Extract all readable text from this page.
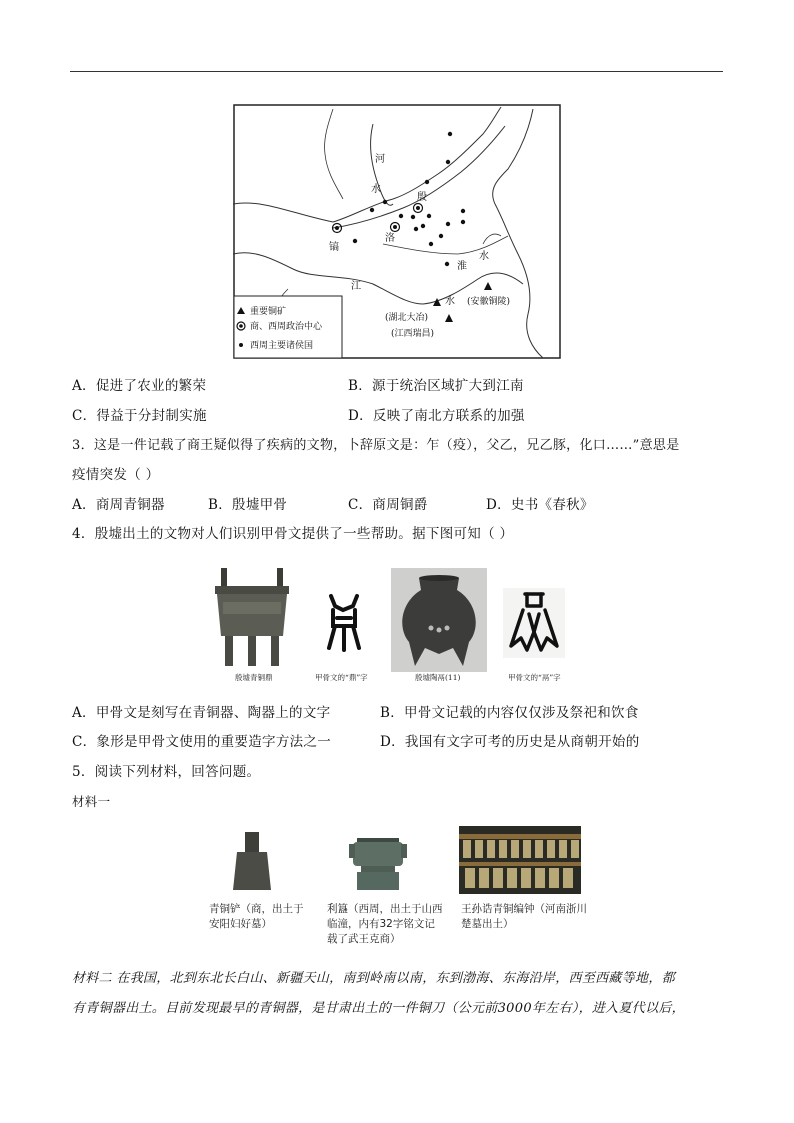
河
水
殷
洛
镐
淮
水
江
水 (安徽铜陵)
(湖北大冶)
(江西瑞昌)
重要铜矿
商、西周政治中心
西周主要诸侯国
A．促进了农业的繁荣	B．源于统治区域扩大到江南
C．得益于分封制实施	D．反映了南北方联系的加强
3．这是一件记载了商王疑似得了疾病的文物，卜辞原文是：乍（疫），父乙，兄乙豚，化口……”意思是
疫情突发（ ）
A．商周青铜器	B．殷墟甲骨	C．商周铜爵	D．史书《春秋》
4．殷墟出土的文物对人们识别甲骨文提供了一些帮助。据下图可知（ ）
殷墟青铜鼎	甲骨文的“鼎”字	殷墟陶鬲(11)	甲骨文的“鬲”字
A．甲骨文是刻写在青铜器、陶器上的文字	B．甲骨文记载的内容仅仅涉及祭祀和饮食
C．象形是甲骨文使用的重要造字方法之一	D．我国有文字可考的历史是从商朝开始的
5．阅读下列材料，回答问题。
材料一
青铜铲（商，出土于安阳妇好墓）
利簋（西周，出土于山西临潼，内有32字铭文记载了武王克商）
王孙诰青铜编钟（河南浙川楚墓出土）
材料二 在我国，北到东北长白山、新疆天山，南到岭南以南，东到渤海、东海沿岸，西至西藏等地，都
有青铜器出土。目前发现最早的青铜器，是甘肃出土的一件铜刀（公元前3000年左右），进入夏代以后，
